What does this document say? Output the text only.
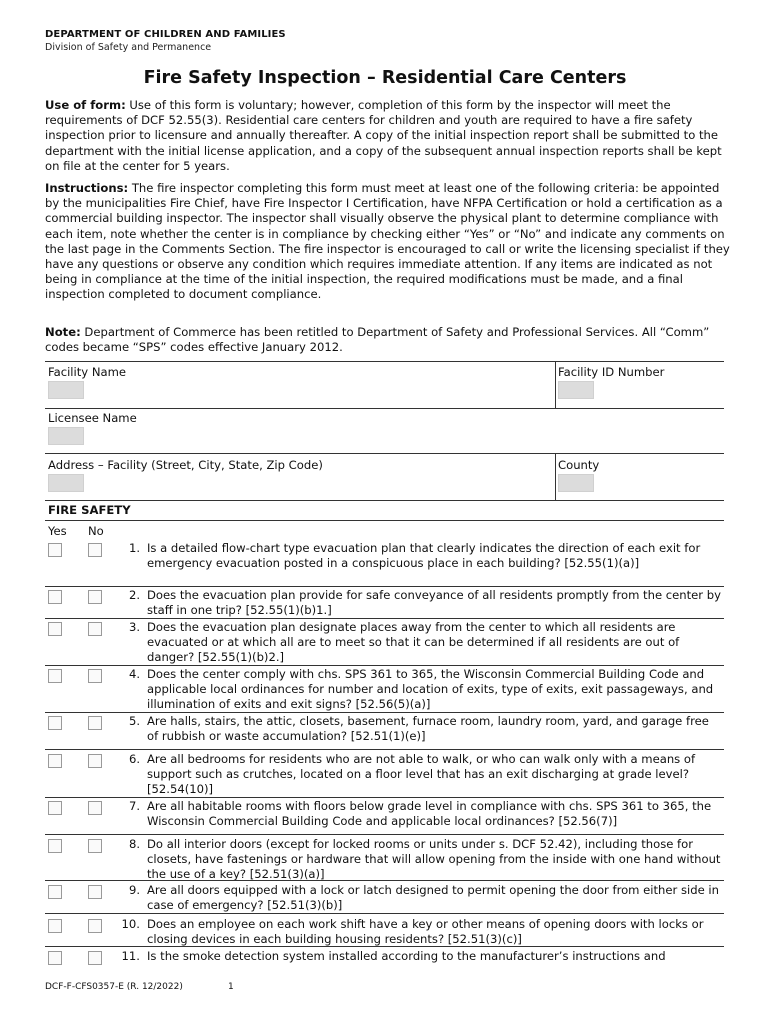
DEPARTMENT OF CHILDREN AND FAMILIES
Division of Safety and Permanence
Fire Safety Inspection – Residential Care Centers

Use of form: Use of this form is voluntary; however, completion of this form by the inspector will meet the requirements of DCF 52.55(3). Residential care centers for children and youth are required to have a fire safety inspection prior to licensure and annually thereafter. A copy of the initial inspection report shall be submitted to the department with the initial license application, and a copy of the subsequent annual inspection reports shall be kept on file at the center for 5 years.

Instructions: The fire inspector completing this form must meet at least one of the following criteria: be appointed by the municipalities Fire Chief, have Fire Inspector I Certification, have NFPA Certification or hold a certification as a commercial building inspector. The inspector shall visually observe the physical plant to determine compliance with each item, note whether the center is in compliance by checking either “Yes” or “No” and indicate any comments on the last page in the Comments Section. The fire inspector is encouraged to call or write the licensing specialist if they have any questions or observe any condition which requires immediate attention. If any items are indicated as not being in compliance at the time of the initial inspection, the required modifications must be made, and a final inspection completed to document compliance.

Note: Department of Commerce has been retitled to Department of Safety and Professional Services. All “Comm” codes became “SPS” codes effective January 2012.

Facility Name	Facility ID Number
Licensee Name
Address – Facility (Street, City, State, Zip Code)	County
FIRE SAFETY
Yes No
1. Is a detailed flow-chart type evacuation plan that clearly indicates the direction of each exit for emergency evacuation posted in a conspicuous place in each building? [52.55(1)(a)]
2. Does the evacuation plan provide for safe conveyance of all residents promptly from the center by staff in one trip? [52.55(1)(b)1.]
3. Does the evacuation plan designate places away from the center to which all residents are evacuated or at which all are to meet so that it can be determined if all residents are out of danger? [52.55(1)(b)2.]
4. Does the center comply with chs. SPS 361 to 365, the Wisconsin Commercial Building Code and applicable local ordinances for number and location of exits, type of exits, exit passageways, and illumination of exits and exit signs? [52.56(5)(a)]
5. Are halls, stairs, the attic, closets, basement, furnace room, laundry room, yard, and garage free of rubbish or waste accumulation? [52.51(1)(e)]
6. Are all bedrooms for residents who are not able to walk, or who can walk only with a means of support such as crutches, located on a floor level that has an exit discharging at grade level? [52.54(10)]
7. Are all habitable rooms with floors below grade level in compliance with chs. SPS 361 to 365, the Wisconsin Commercial Building Code and applicable local ordinances? [52.56(7)]
8. Do all interior doors (except for locked rooms or units under s. DCF 52.42), including those for closets, have fastenings or hardware that will allow opening from the inside with one hand without the use of a key? [52.51(3)(a)]
9. Are all doors equipped with a lock or latch designed to permit opening the door from either side in case of emergency? [52.51(3)(b)]
10. Does an employee on each work shift have a key or other means of opening doors with locks or closing devices in each building housing residents? [52.51(3)(c)]
11. Is the smoke detection system installed according to the manufacturer’s instructions and
DCF-F-CFS0357-E (R. 12/2022)	1
